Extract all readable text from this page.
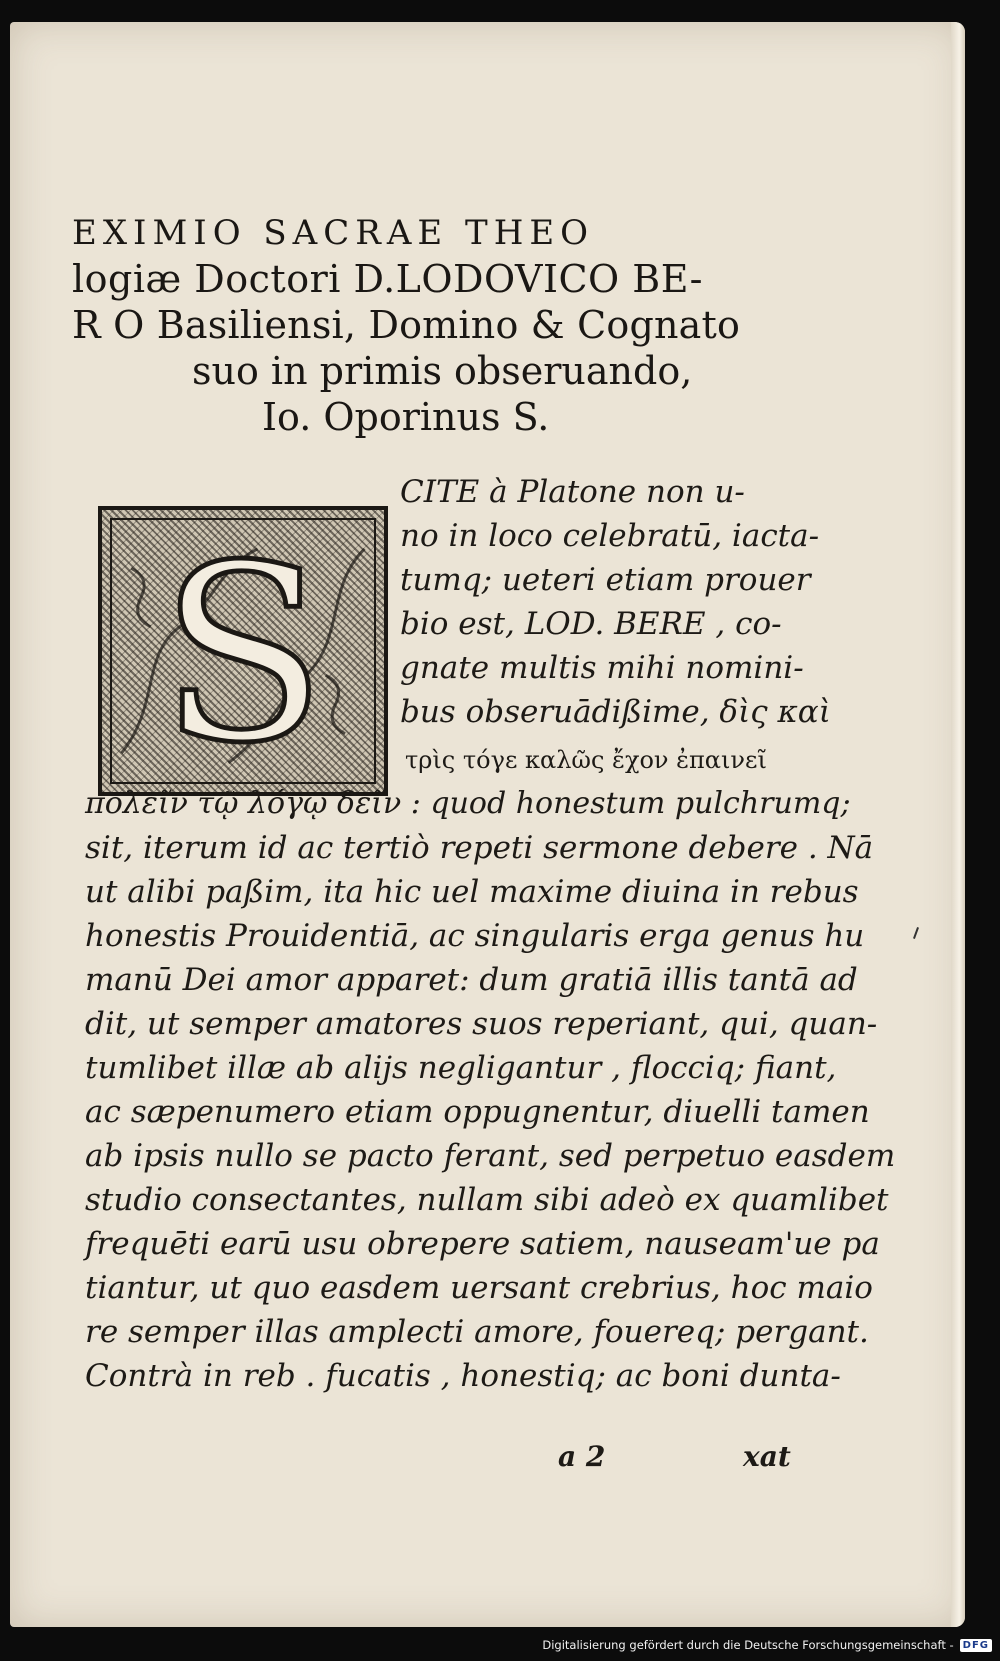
EXIMIO SACRAE THEO
logiæ Doctori D.LODOVICO BE-
R O Basiliensi, Domino & Cognato
suo in primis obseruando,
Io. Oporinus S.
S
CITE à Platone non u-
no in loco celebratū, iacta-
tumq; ueteri etiam prouer
bio est, LOD. BERE , co-
gnate multis mihi nomini-
bus obseruādißime, δὶς καὶ
τρὶς τόγε καλῶς ἔχον ἐπαινεῖ
πολεῖν τῷ λόγῳ δεῖν : quod honestum pulchrumq;
sit, iterum id ac tertiò repeti sermone debere . Nā
ut alibi paßim, ita hic uel maxime diuina in rebus
honestis Prouidentiā, ac singularis erga genus hu
manū Dei amor apparet: dum gratiā illis tantā ad
dit, ut semper amatores suos reperiant, qui, quan-
tumlibet illæ ab aliјs negligantur , flocciq; fiant,
ac sæpenumero etiam oppugnentur, diuelli tamen
ab ipsis nullo se pacto ferant, sed perpetuo easdem
studio consectantes, nullam sibi adeò ex quamlibet
frequēti earū usu obrepere satiem, nauseam'ue pa
tiantur, ut quo easdem uersant crebrius, hoc maio
re semper illas amplecti amore, fouereq; pergant.
Contrà in reb . fucatis , honestiq; ac boni dunta-
a 2	xat
Digitalisierung gefördert durch die Deutsche Forschungsgemeinschaft - DFG
